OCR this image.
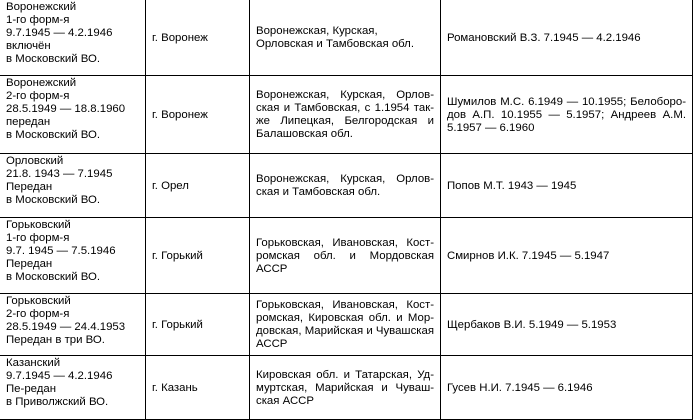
Воронежский
1-го форм-я
9.7.1945 — 4.2.1946
включён
в Московский ВО.	г. Воронеж	Воронежская, Курская,
Орловская и Тамбовская обл.	Романовский В.З. 7.1945 — 4.2.1946

Воронежский
2-го форм-я
28.5.1949 — 18.8.1960
передан
в Московский ВО.	г. Воронеж	Воронежская, Курская, Орлов-
ская и Тамбовская, с 1.1954 так-
же Липецкая, Белгородская и
Балашовская обл.	Шумилов М.С. 6.1949 — 10.1955; Белоборо-
дов А.П. 10.1955 — 5.1957; Андреев А.М.
5.1957 — 6.1960

Орловский
21.8. 1943 — 7.1945
Передан
в Московский ВО.	г. Орел	Воронежская, Курская, Орлов-
ская и Тамбовская обл.	Попов М.Т. 1943 — 1945

Горьковский
1-го форм-я
9.7. 1945 — 7.5.1946
Передан
в Московский ВО.	г. Горький	Горьковская, Ивановская, Кост-
ромская обл. и Мордовская
АССР	Смирнов И.К. 7.1945 — 5.1947

Горьковский
2-го форм-я
28.5.1949 — 24.4.1953
Передан в три ВО.	г. Горький	Горьковская, Ивановская, Кост-
ромская, Кировская обл. и Мор-
довская, Марийская и Чувашская
АССР	Щербаков В.И. 5.1949 — 5.1953

Казанский
9.7.1945 — 4.2.1946
Пе-редан
в Приволжский ВО.	г. Казань	Кировская обл. и Татарская, Уд-
муртская, Марийская и Чуваш-
ская АССР	Гусев Н.И. 7.1945 — 6.1946
